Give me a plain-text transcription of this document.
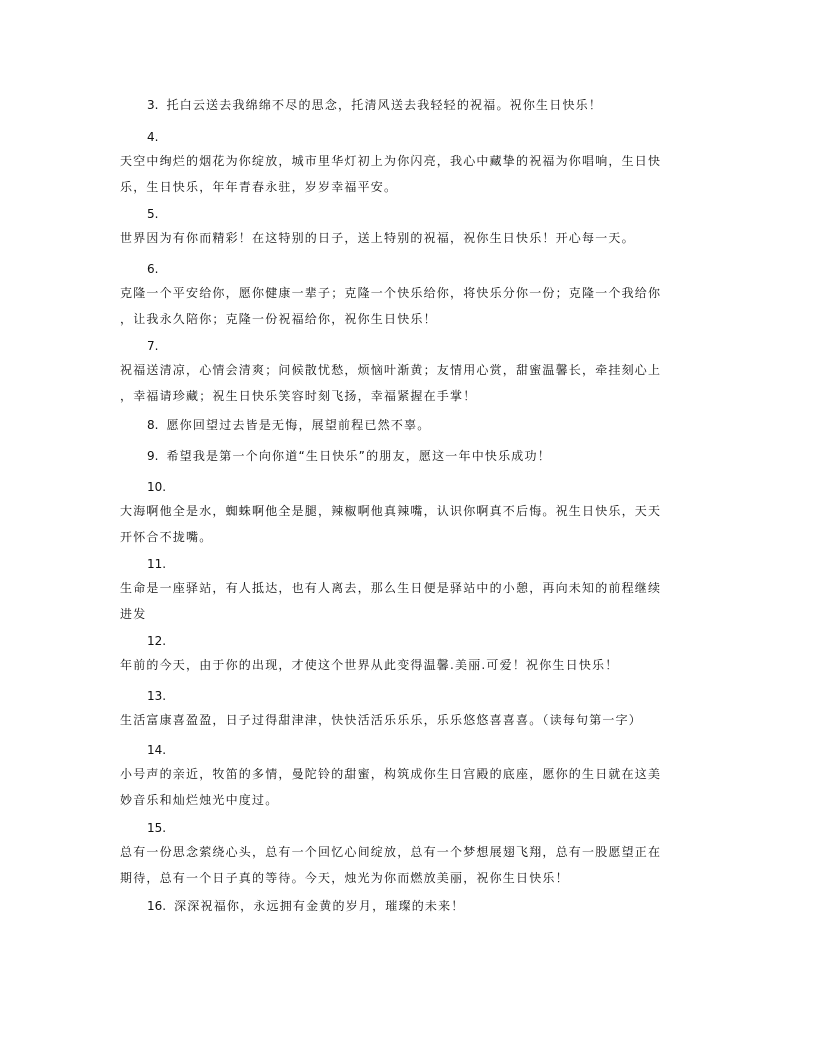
3. 托白云送去我绵绵不尽的思念，托清风送去我轻轻的祝福。祝你生日快乐！
4.
天空中绚烂的烟花为你绽放，城市里华灯初上为你闪亮，我心中藏挚的祝福为你唱响，生日快
乐，生日快乐，年年青春永驻，岁岁幸福平安。
5.
世界因为有你而精彩！在这特别的日子，送上特别的祝福，祝你生日快乐！开心每一天。
6.
克隆一个平安给你，愿你健康一辈子；克隆一个快乐给你，将快乐分你一份；克隆一个我给你
，让我永久陪你；克隆一份祝福给你，祝你生日快乐！
7.
祝福送清凉，心情会清爽；问候散忧愁，烦恼叶渐黄；友情用心赏，甜蜜温馨长，牵挂刻心上
，幸福请珍藏；祝生日快乐笑容时刻飞扬，幸福紧握在手掌！
8. 愿你回望过去皆是无悔，展望前程已然不辜。
9. 希望我是第一个向你道“生日快乐”的朋友，愿这一年中快乐成功！
10.
大海啊他全是水，蜘蛛啊他全是腿，辣椒啊他真辣嘴，认识你啊真不后悔。祝生日快乐，天天
开怀合不拢嘴。
11.
生命是一座驿站，有人抵达，也有人离去，那么生日便是驿站中的小憩，再向未知的前程继续
进发
12.
年前的今天，由于你的出现，才使这个世界从此变得温馨.美丽.可爱！祝你生日快乐！
13.
生活富康喜盈盈，日子过得甜津津，快快活活乐乐乐，乐乐悠悠喜喜喜。（读每句第一字）
14.
小号声的亲近，牧笛的多情，曼陀铃的甜蜜，构筑成你生日宫殿的底座，愿你的生日就在这美
妙音乐和灿烂烛光中度过。
15.
总有一份思念萦绕心头，总有一个回忆心间绽放，总有一个梦想展翅飞翔，总有一股愿望正在
期待，总有一个日子真的等待。今天，烛光为你而燃放美丽，祝你生日快乐！
16. 深深祝福你，永远拥有金黄的岁月，璀璨的未来！
